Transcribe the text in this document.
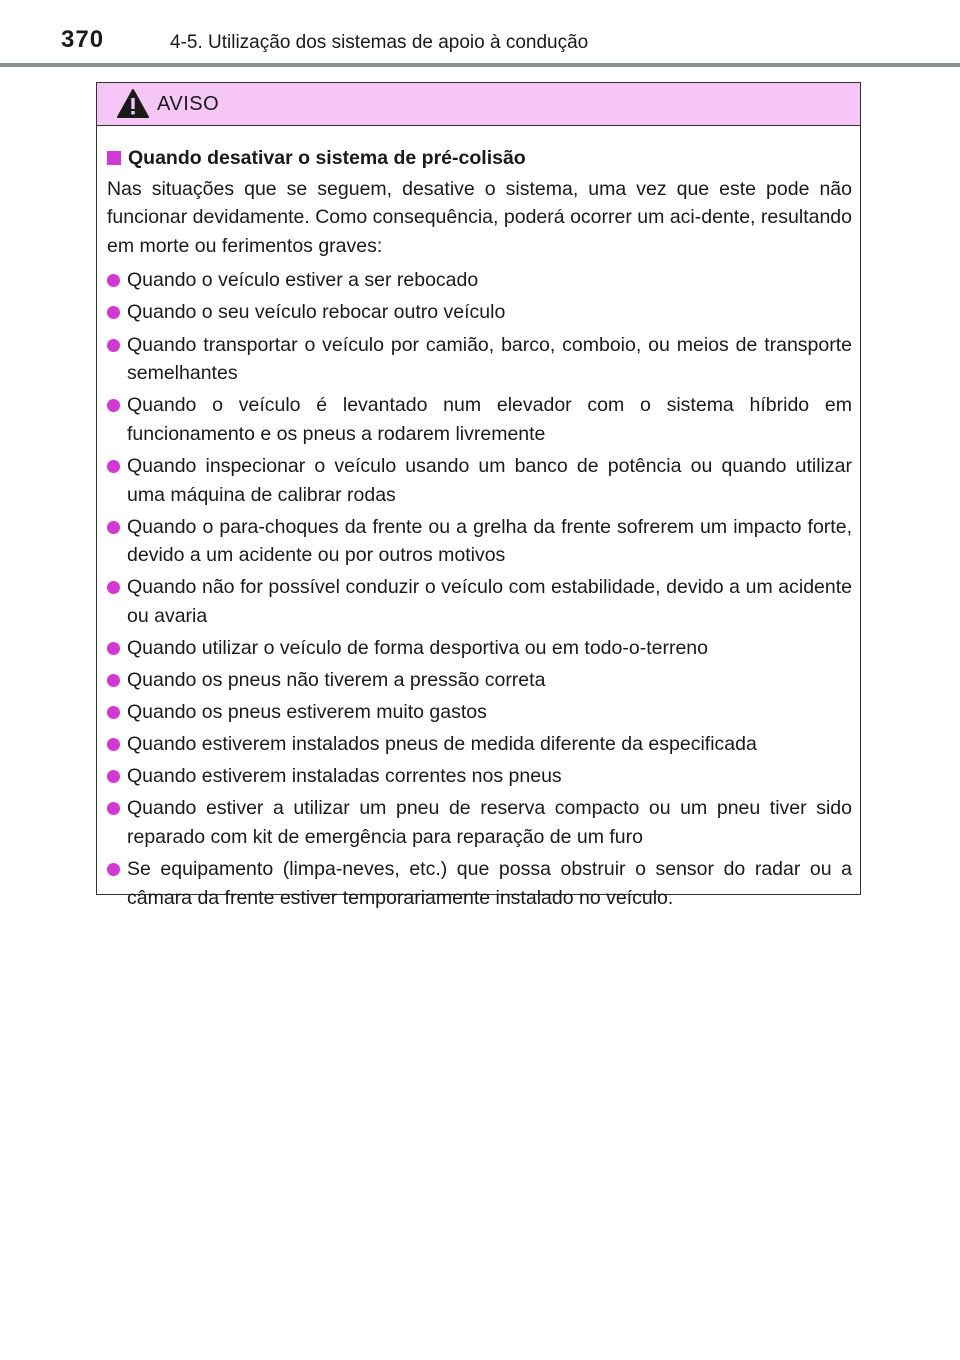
370	4-5. Utilização dos sistemas de apoio à condução
AVISO
Quando desativar o sistema de pré-colisão
Nas situações que se seguem, desative o sistema, uma vez que este pode não funcionar devidamente. Como consequência, poderá ocorrer um aci-dente, resultando em morte ou ferimentos graves:
Quando o veículo estiver a ser rebocado
Quando o seu veículo rebocar outro veículo
Quando transportar o veículo por camião, barco, comboio, ou meios de transporte semelhantes
Quando o veículo é levantado num elevador com o sistema híbrido em funcionamento e os pneus a rodarem livremente
Quando inspecionar o veículo usando um banco de potência ou quando utilizar uma máquina de calibrar rodas
Quando o para-choques da frente ou a grelha da frente sofrerem um impacto forte, devido a um acidente ou por outros motivos
Quando não for possível conduzir o veículo com estabilidade, devido a um acidente ou avaria
Quando utilizar o veículo de forma desportiva ou em todo-o-terreno
Quando os pneus não tiverem a pressão correta
Quando os pneus estiverem muito gastos
Quando estiverem instalados pneus de medida diferente da especificada
Quando estiverem instaladas correntes nos pneus
Quando estiver a utilizar um pneu de reserva compacto ou um pneu tiver sido reparado com kit de emergência para reparação de um furo
Se equipamento (limpa-neves, etc.) que possa obstruir o sensor do radar ou a câmara da frente estiver temporariamente instalado no veículo.
